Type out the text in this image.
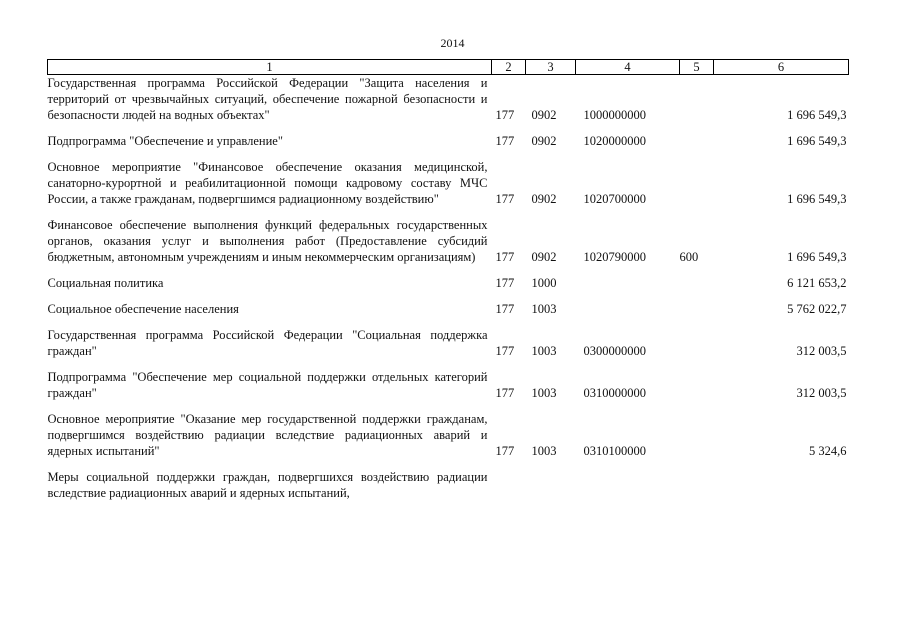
2014
1	2	3	4	5	6
Государственная программа Российской Федерации "Защита населения и территорий от чрезвычайных ситуаций, обеспечение пожарной безопасности и безопасности людей на водных объектах"	177	0902	1000000000		1 696 549,3

Подпрограмма "Обеспечение и управление"	177	0902	1020000000		1 696 549,3

Основное мероприятие "Финансовое обеспечение оказания медицинской, санаторно-курортной и реабилитационной помощи кадровому составу МЧС России, а также гражданам, подвергшимся радиационному воздействию"	177	0902	1020700000		1 696 549,3

Финансовое обеспечение выполнения функций федеральных государственных органов, оказания услуг и выполнения работ (Предоставление субсидий бюджетным, автономным учреждениям и иным некоммерческим организациям)	177	0902	1020790000	600	1 696 549,3

Социальная политика	177	1000			6 121 653,2

Социальное обеспечение населения	177	1003			5 762 022,7

Государственная программа Российской Федерации "Социальная поддержка граждан"	177	1003	0300000000		312 003,5

Подпрограмма "Обеспечение мер социальной поддержки отдельных категорий граждан"	177	1003	0310000000		312 003,5

Основное мероприятие "Оказание мер государственной поддержки гражданам, подвергшимся воздействию радиации вследствие радиационных аварий и ядерных испытаний"	177	1003	0310100000		5 324,6

Меры социальной поддержки граждан, подвергшихся воздействию радиации вследствие радиационных аварий и ядерных испытаний,					
